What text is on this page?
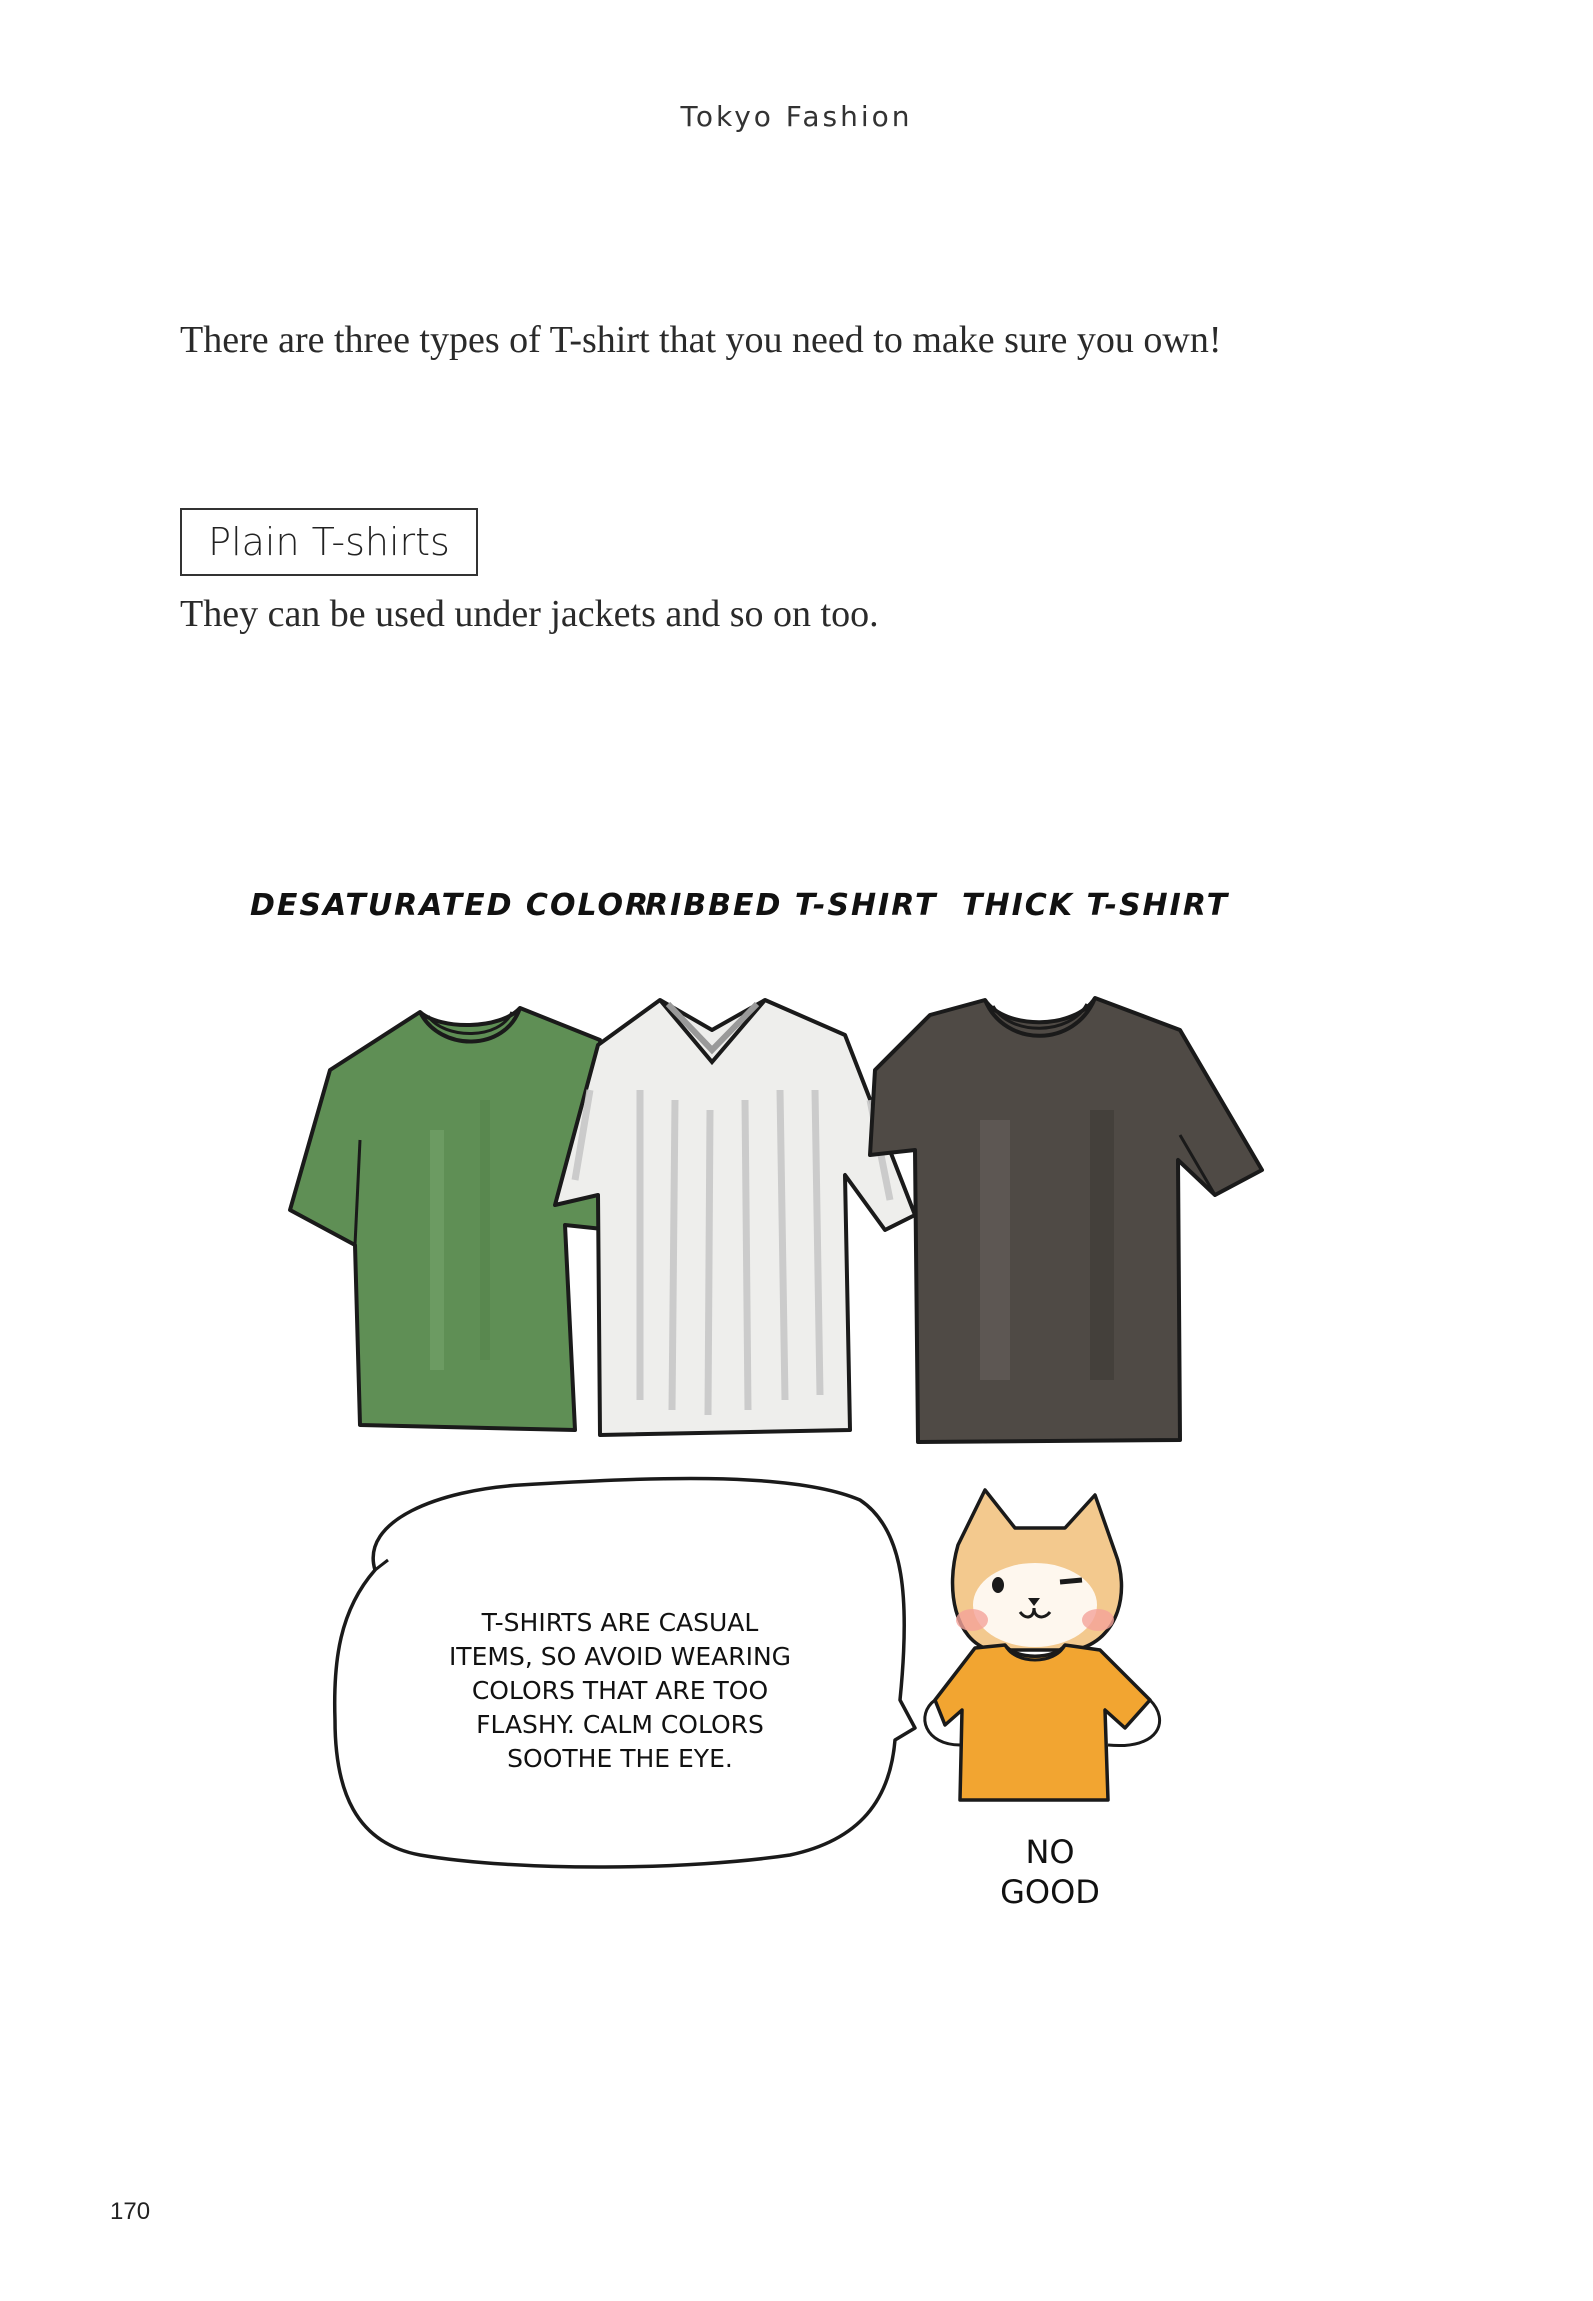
Tokyo Fashion
There are three types of T-shirt that you need to make sure you own!
Plain T-shirts
They can be used under jackets and so on too.
DESATURATED COLOR
RIBBED T-SHIRT THICK T-SHIRT
T-SHIRTS ARE CASUAL
ITEMS, SO AVOID WEARING
COLORS THAT ARE TOO
FLASHY. CALM COLORS
SOOTHE THE EYE.
NO
GOOD
170
